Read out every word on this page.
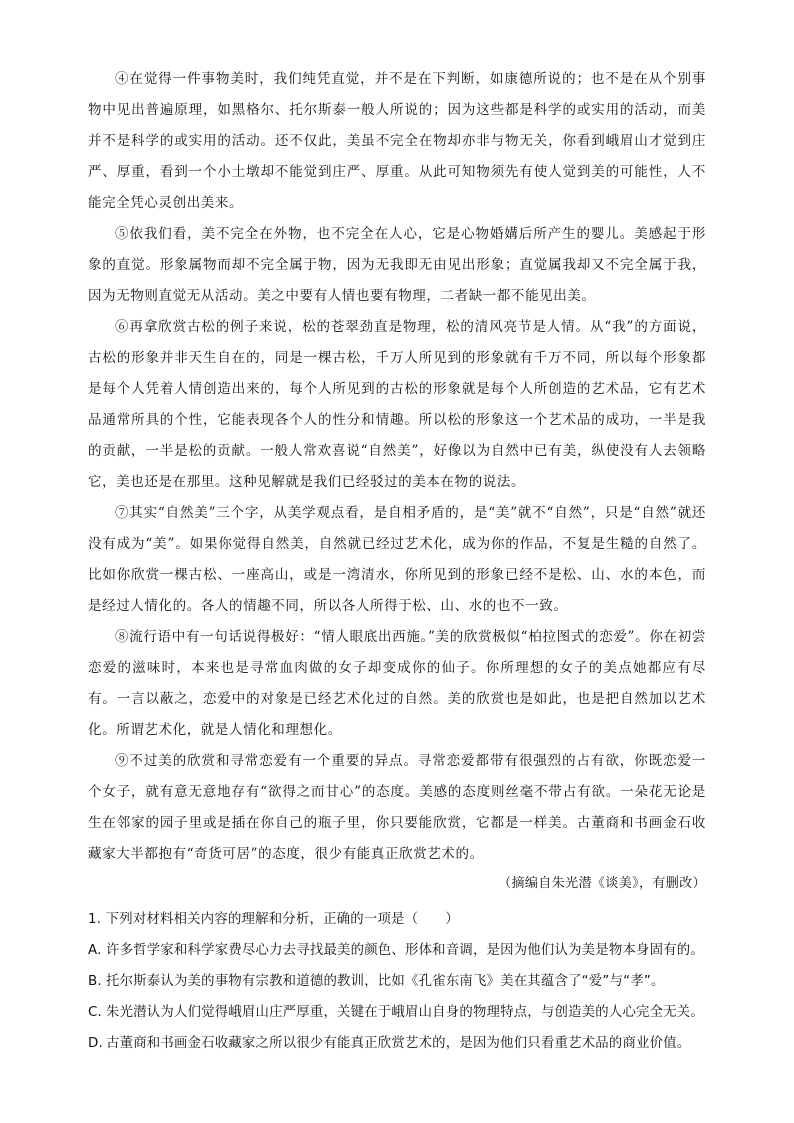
④在觉得一件事物美时，我们纯凭直觉，并不是在下判断，如康德所说的；也不是在从个别事物中见出普遍原理，如黑格尔、托尔斯泰一般人所说的；因为这些都是科学的或实用的活动，而美并不是科学的或实用的活动。还不仅此，美虽不完全在物却亦非与物无关，你看到峨眉山才觉到庄严、厚重，看到一个小土墩却不能觉到庄严、厚重。从此可知物须先有使人觉到美的可能性，人不能完全凭心灵创出美来。

⑤依我们看，美不完全在外物，也不完全在人心，它是心物婚媾后所产生的婴儿。美感起于形象的直觉。形象属物而却不完全属于物，因为无我即无由见出形象；直觉属我却又不完全属于我，因为无物则直觉无从活动。美之中要有人情也要有物理，二者缺一都不能见出美。

⑥再拿欣赏古松的例子来说，松的苍翠劲直是物理，松的清风亮节是人情。从“我”的方面说，古松的形象并非天生自在的，同是一棵古松，千万人所见到的形象就有千万不同，所以每个形象都是每个人凭着人情创造出来的，每个人所见到的古松的形象就是每个人所创造的艺术品，它有艺术品通常所具的个性，它能表现各个人的性分和情趣。所以松的形象这一个艺术品的成功，一半是我的贡献，一半是松的贡献。一般人常欢喜说“自然美”，好像以为自然中已有美，纵使没有人去领略它，美也还是在那里。这种见解就是我们已经驳过的美本在物的说法。

⑦其实“自然美”三个字，从美学观点看，是自相矛盾的，是“美”就不“自然”，只是“自然”就还没有成为“美”。如果你觉得自然美，自然就已经过艺术化，成为你的作品，不复是生糙的自然了。比如你欣赏一棵古松、一座高山，或是一湾清水，你所见到的形象已经不是松、山、水的本色，而是经过人情化的。各人的情趣不同，所以各人所得于松、山、水的也不一致。

⑧流行语中有一句话说得极好：“情人眼底出西施。”美的欣赏极似“柏拉图式的恋爱”。你在初尝恋爱的滋味时，本来也是寻常血肉做的女子却变成你的仙子。你所理想的女子的美点她都应有尽有。一言以蔽之，恋爱中的对象是已经艺术化过的自然。美的欣赏也是如此，也是把自然加以艺术化。所谓艺术化，就是人情化和理想化。

⑨不过美的欣赏和寻常恋爱有一个重要的异点。寻常恋爱都带有很强烈的占有欲，你既恋爱一个女子，就有意无意地存有“欲得之而甘心”的态度。美感的态度则丝毫不带占有欲。一朵花无论是生在邻家的园子里或是插在你自己的瓶子里，你只要能欣赏，它都是一样美。古董商和书画金石收藏家大半都抱有“奇货可居”的态度，很少有能真正欣赏艺术的。

（摘编自朱光潜《谈美》，有删改）

1. 下列对材料相关内容的理解和分析，正确的一项是（　　）

A. 许多哲学家和科学家费尽心力去寻找最美的颜色、形体和音调，是因为他们认为美是物本身固有的。

B. 托尔斯泰认为美的事物有宗教和道德的教训，比如《孔雀东南飞》美在其蕴含了“爱”与“孝”。

C. 朱光潜认为人们觉得峨眉山庄严厚重，关键在于峨眉山自身的物理特点，与创造美的人心完全无关。

D. 古董商和书画金石收藏家之所以很少有能真正欣赏艺术的，是因为他们只看重艺术品的商业价值。
